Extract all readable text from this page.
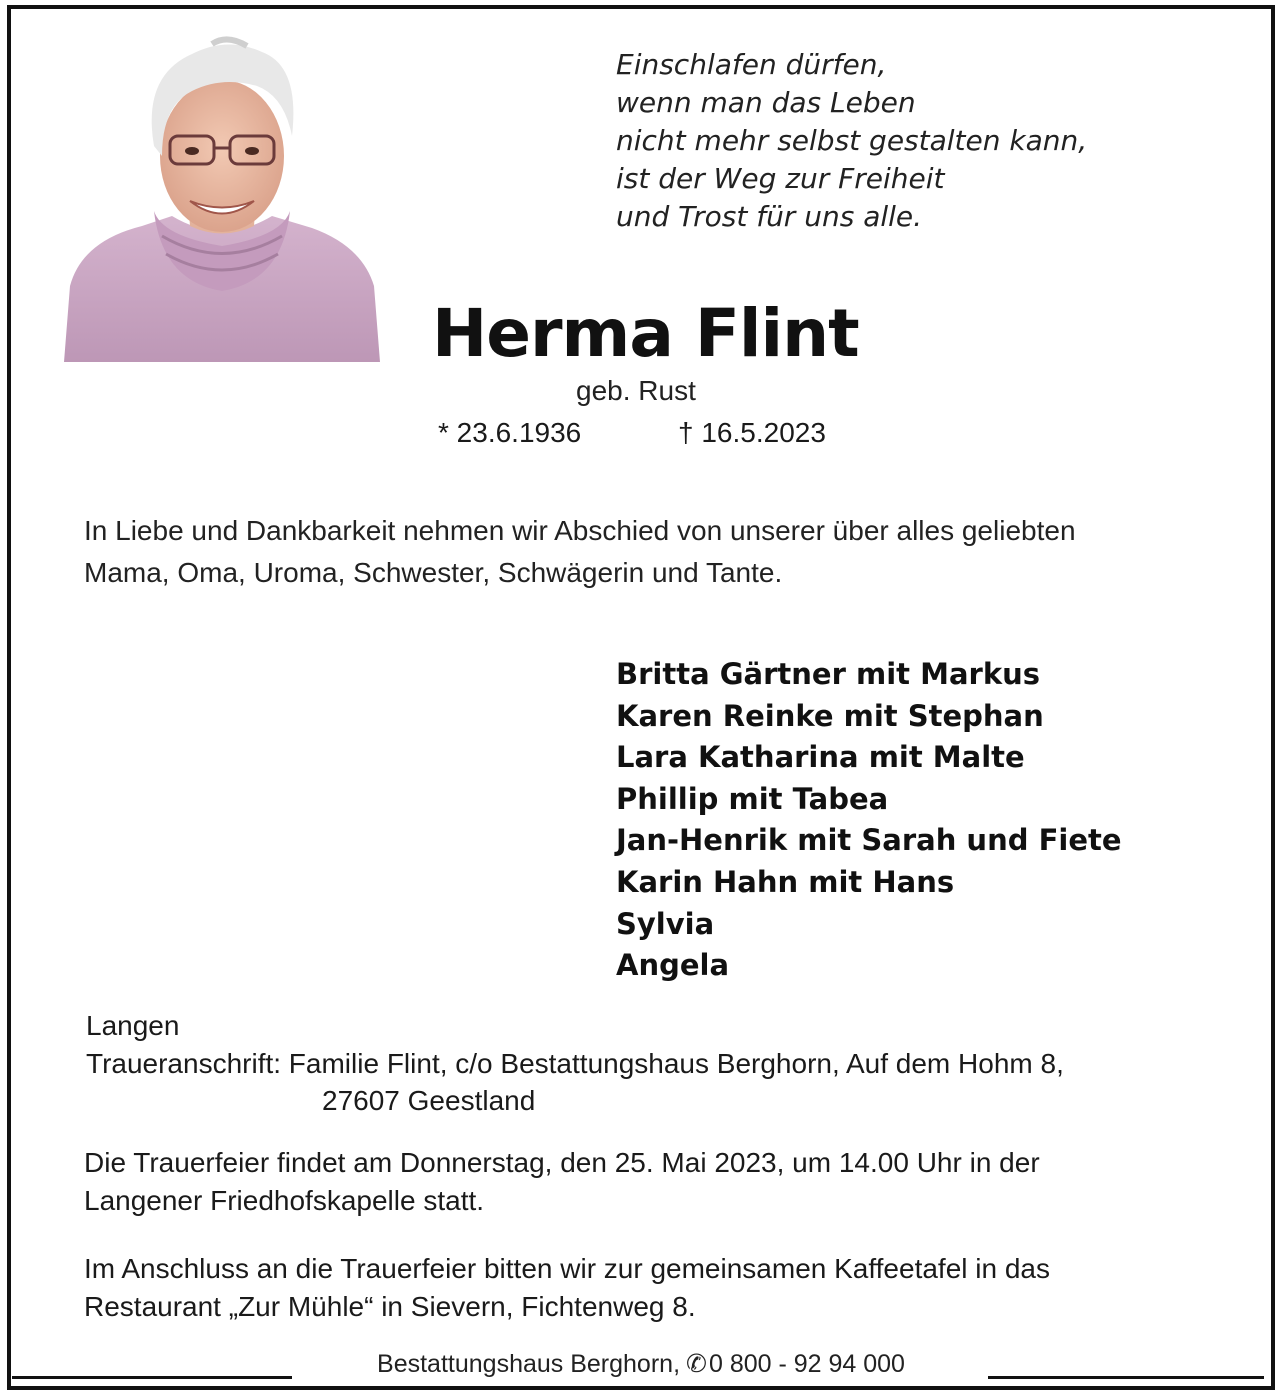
Einschlafen dürfen,
wenn man das Leben
nicht mehr selbst gestalten kann,
ist der Weg zur Freiheit
und Trost für uns alle.
Herma Flint
geb. Rust
* 23.6.1936	† 16.5.2023
In Liebe und Dankbarkeit nehmen wir Abschied von unserer über alles geliebten
Mama, Oma, Uroma, Schwester, Schwägerin und Tante.
Britta Gärtner mit Markus
Karen Reinke mit Stephan
Lara Katharina mit Malte
Phillip mit Tabea
Jan-Henrik mit Sarah und Fiete
Karin Hahn mit Hans
Sylvia
Angela
Langen
Traueranschrift: Familie Flint, c/o Bestattungshaus Berghorn, Auf dem Hohm 8,
27607 Geestland
Die Trauerfeier findet am Donnerstag, den 25. Mai 2023, um 14.00 Uhr in der
Langener Friedhofskapelle statt.
Im Anschluss an die Trauerfeier bitten wir zur gemeinsamen Kaffeetafel in das
Restaurant „Zur Mühle“ in Sievern, Fichtenweg 8.
Bestattungshaus Berghorn, ✆0 800 - 92 94 000
